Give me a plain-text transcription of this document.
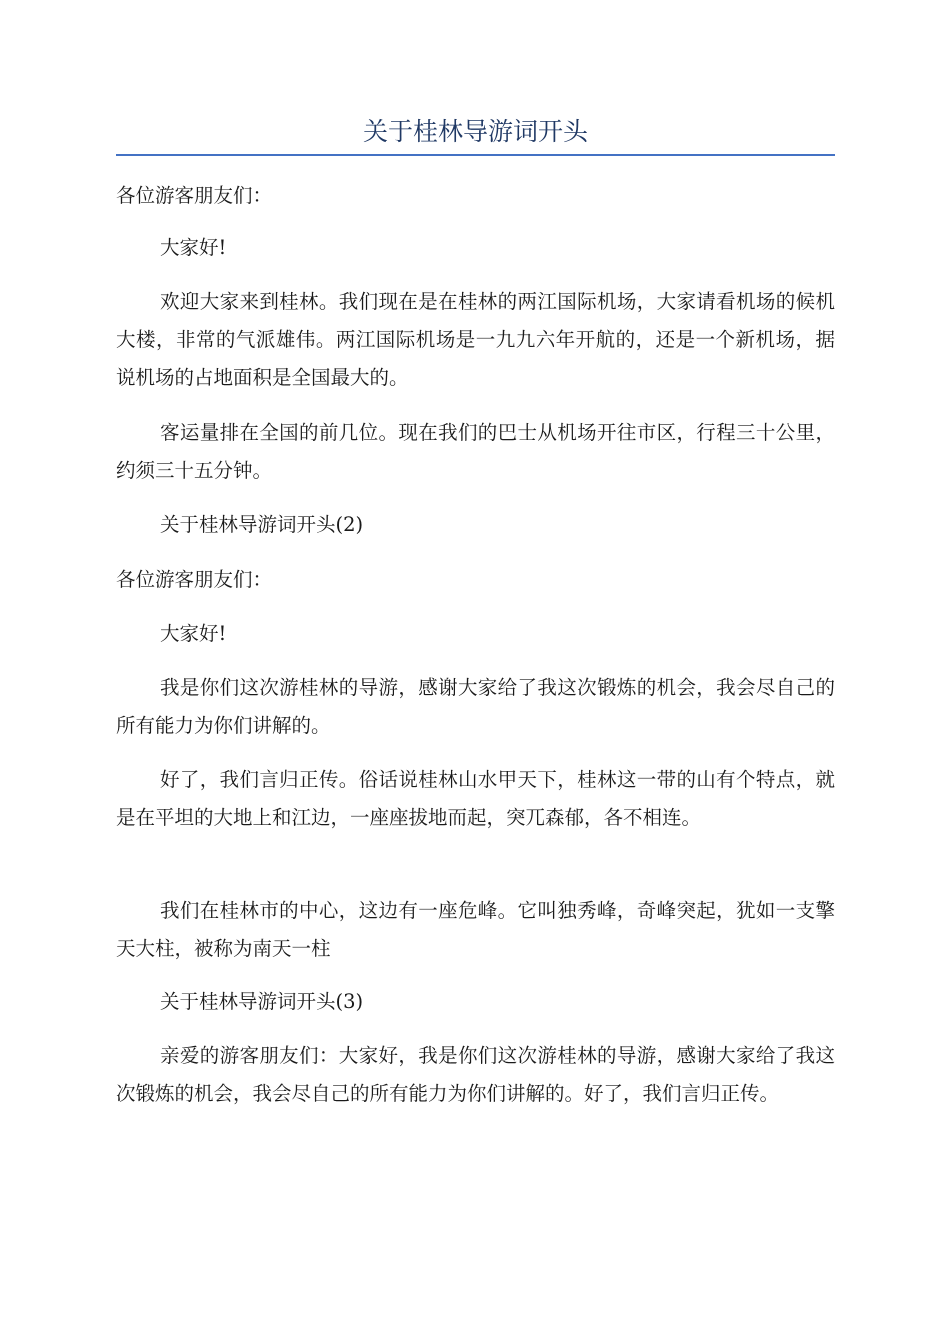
关于桂林导游词开头

各位游客朋友们：

大家好!

欢迎大家来到桂林。我们现在是在桂林的两江国际机场，大家请看机场的候机大楼，非常的气派雄伟。两江国际机场是一九九六年开航的，还是一个新机场，据说机场的占地面积是全国最大的。

客运量排在全国的前几位。现在我们的巴士从机场开往市区，行程三十公里，约须三十五分钟。

关于桂林导游词开头(2)

各位游客朋友们：

大家好!

我是你们这次游桂林的导游，感谢大家给了我这次锻炼的机会，我会尽自己的所有能力为你们讲解的。

好了，我们言归正传。俗话说桂林山水甲天下，桂林这一带的山有个特点，就是在平坦的大地上和江边，一座座拔地而起，突兀森郁，各不相连。

我们在桂林市的中心，这边有一座危峰。它叫独秀峰，奇峰突起，犹如一支擎天大柱，被称为南天一柱

关于桂林导游词开头(3)

亲爱的游客朋友们：大家好，我是你们这次游桂林的导游，感谢大家给了我这次锻炼的机会，我会尽自己的所有能力为你们讲解的。好了，我们言归正传。
